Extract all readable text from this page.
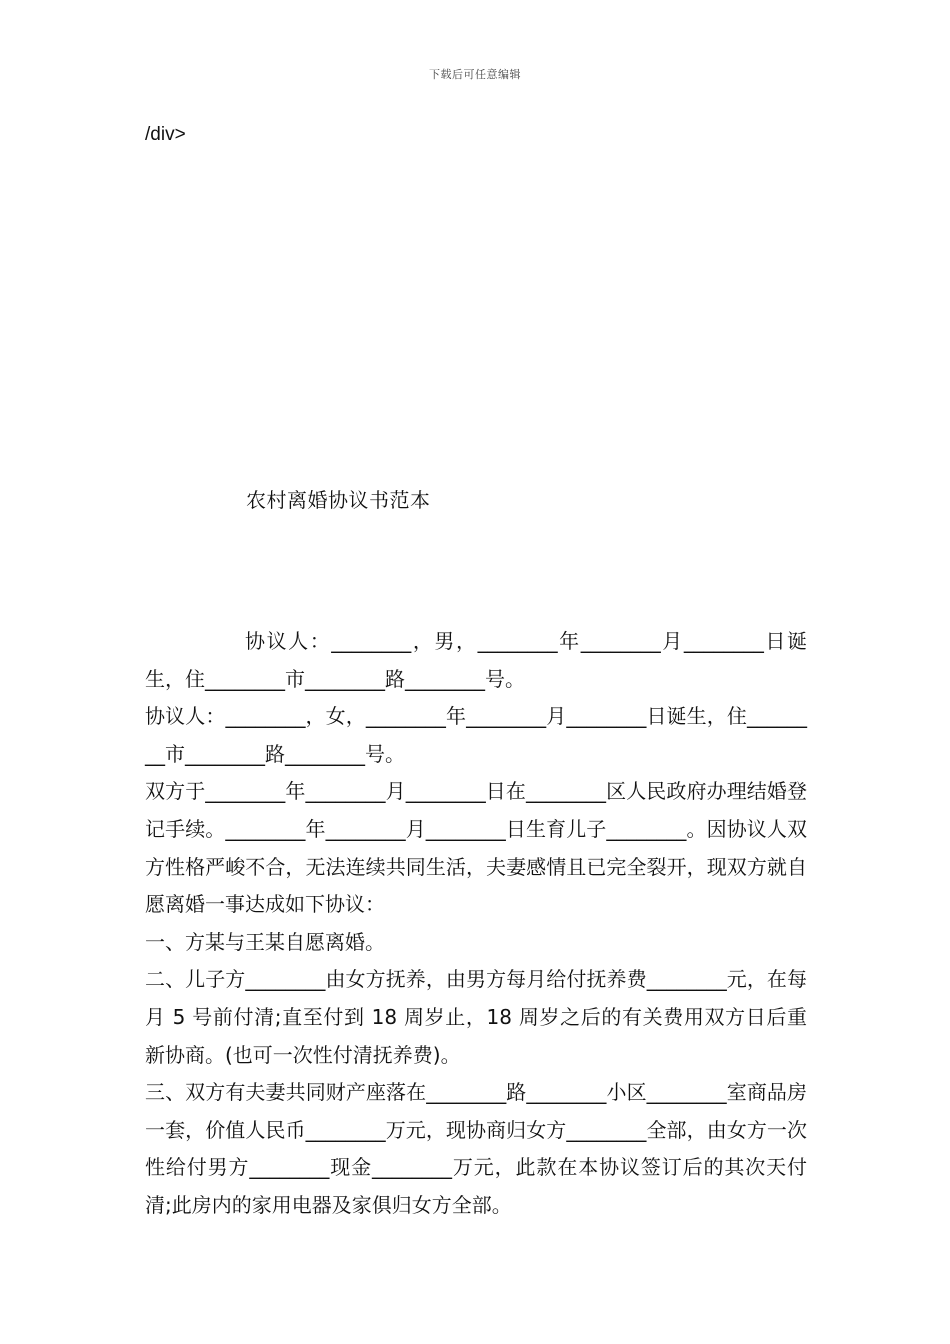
下载后可任意编辑
/div>
农村离婚协议书范本

协议人：________，男，________年________月________日诞生，住________市________路________号。

协议人：________，女，________年________月________日诞生，住________市________路________号。

双方于________年________月________日在________区人民政府办理结婚登记手续。________年________月________日生育儿子________。因协议人双方性格严峻不合，无法连续共同生活，夫妻感情且已完全裂开，现双方就自愿离婚一事达成如下协议：

一、方某与王某自愿离婚。

二、儿子方________由女方抚养，由男方每月给付抚养费________元，在每月 5 号前付清;直至付到 18 周岁止，18 周岁之后的有关费用双方日后重新协商。(也可一次性付清抚养费)。

三、双方有夫妻共同财产座落在________路________小区________室商品房一套，价值人民币________万元，现协商归女方________全部，由女方一次性给付男方________现金________万元，此款在本协议签订后的其次天付清;此房内的家用电器及家俱归女方全部。
